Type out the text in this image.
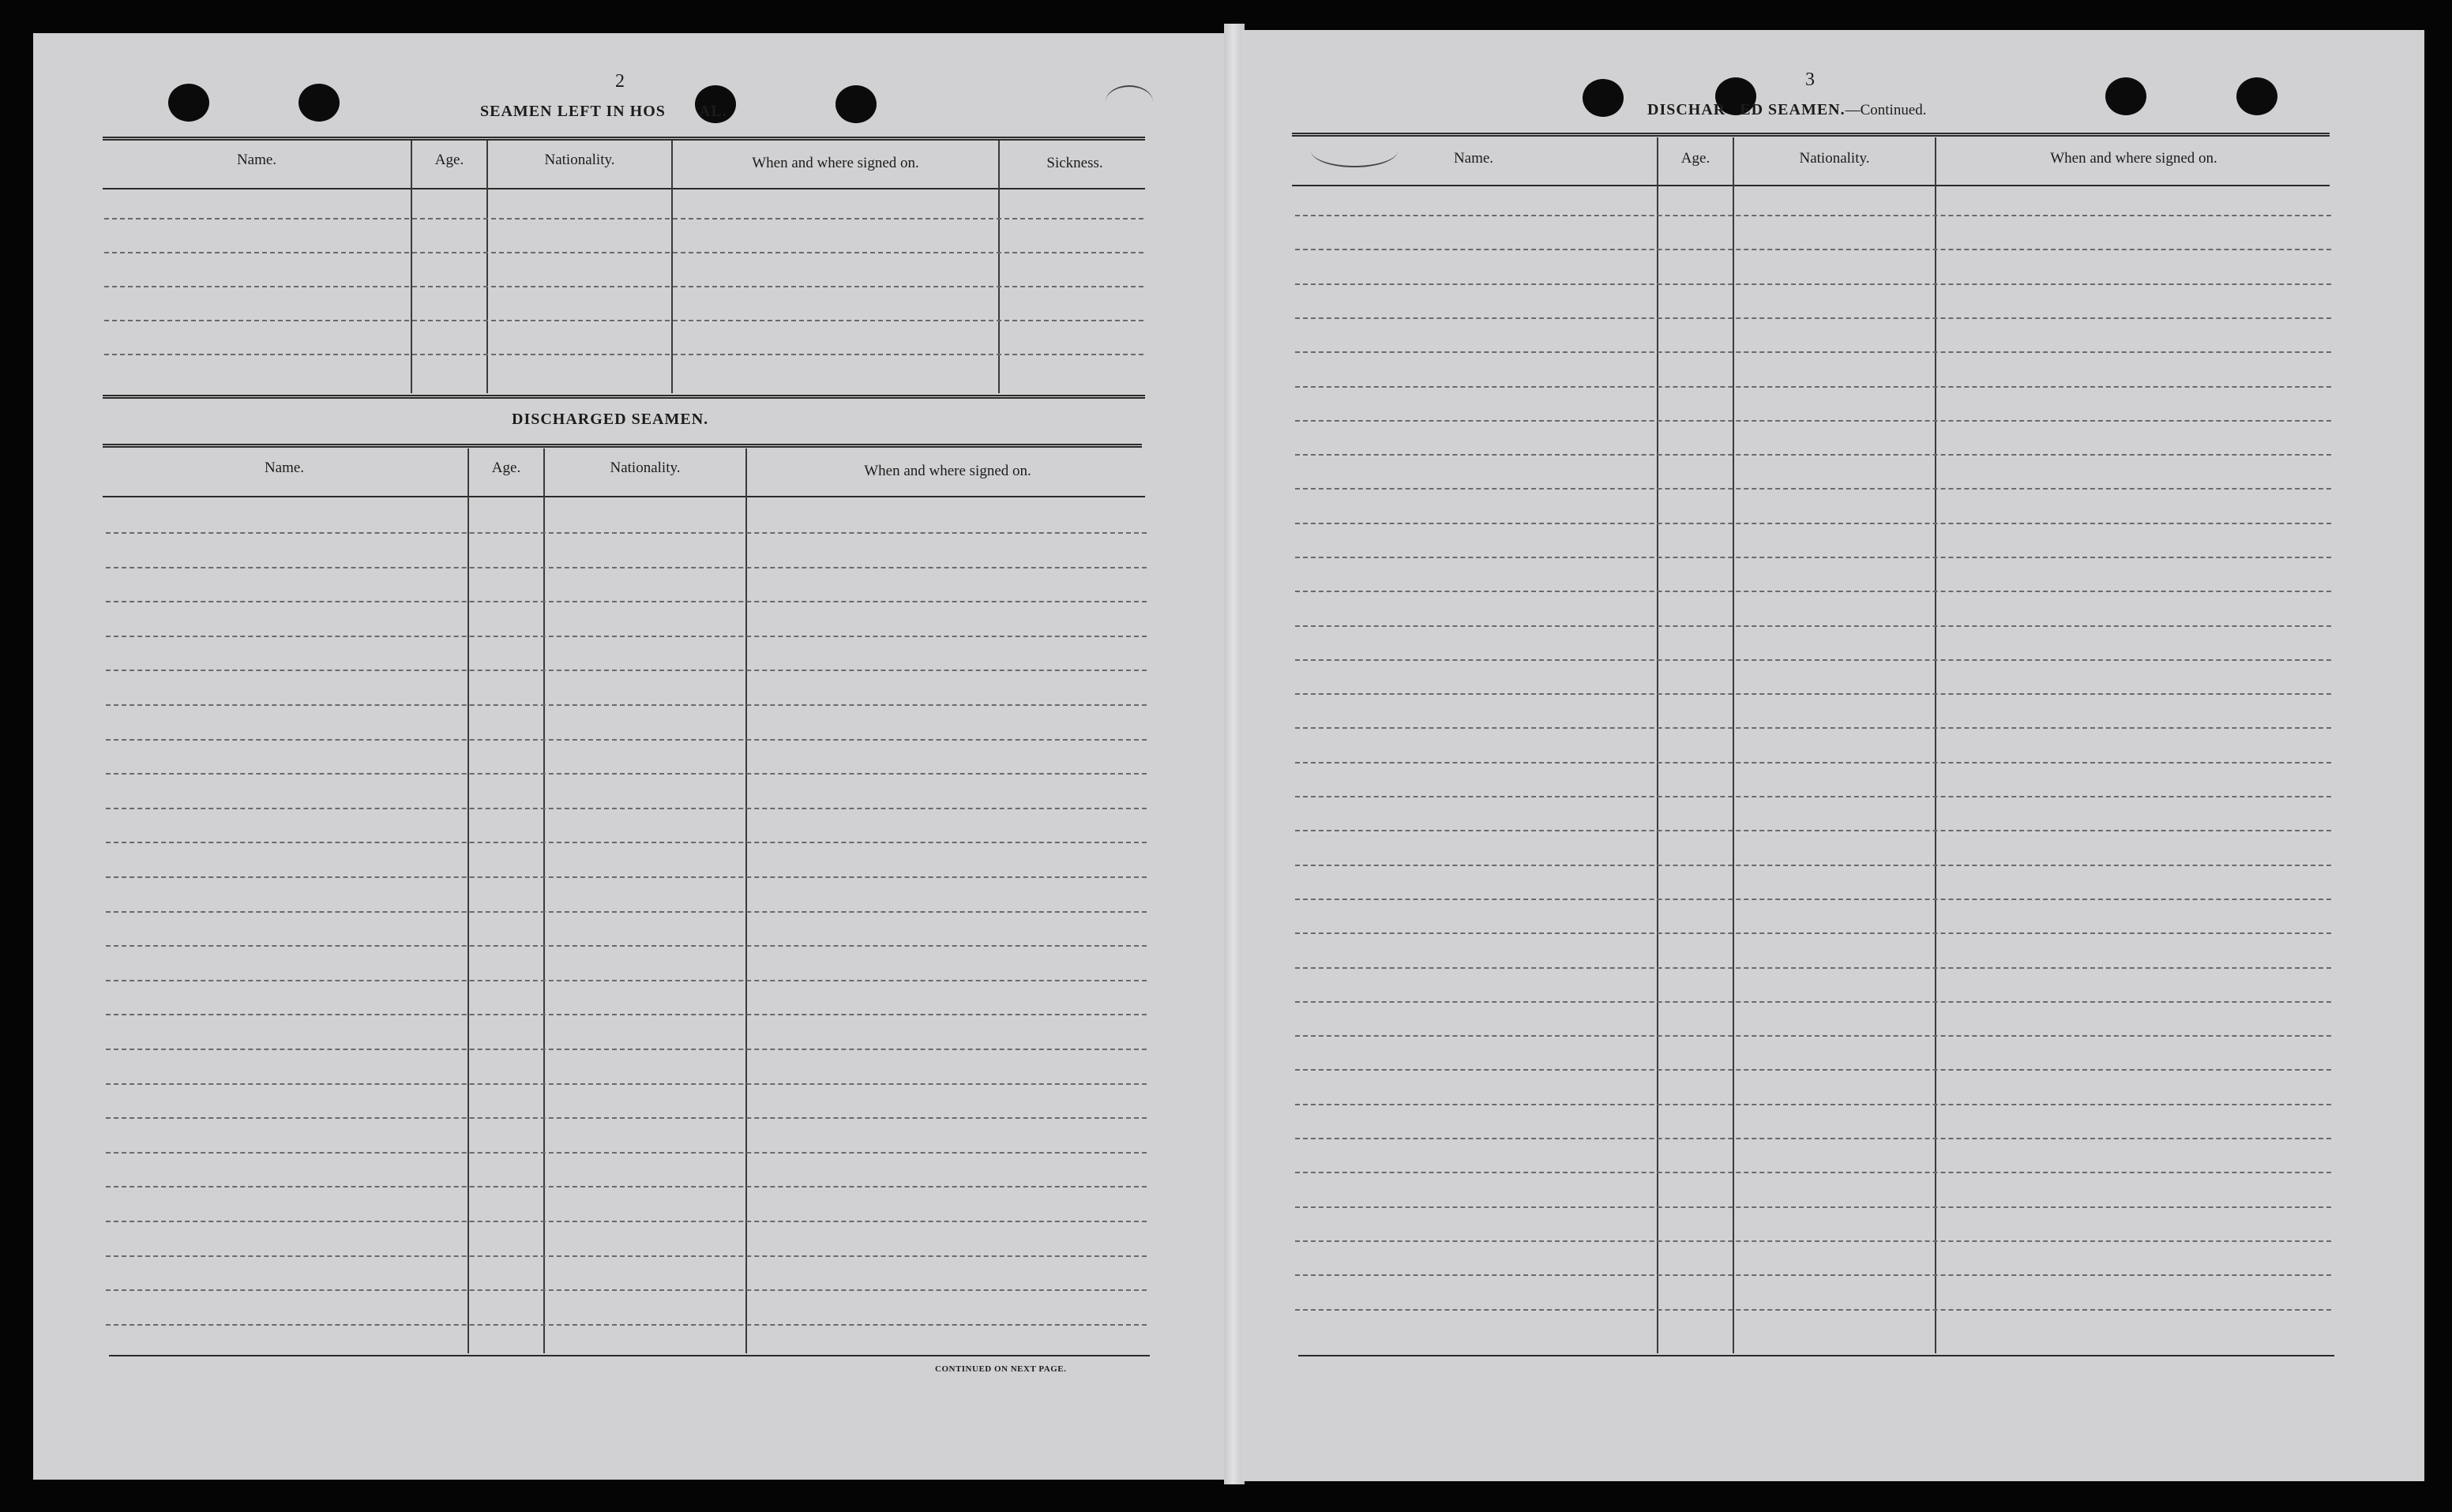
2
SEAMEN LEFT IN HOS AL.
Name.	Age.	Nationality.	When and where signed on.	Sickness.
DISCHARGED SEAMEN.
Name.	Age.	Nationality.	When and where signed on.
CONTINUED ON NEXT PAGE.
3
DISCHAR ED SEAMEN.—Continued.
Name.	Age.	Nationality.	When and where signed on.
